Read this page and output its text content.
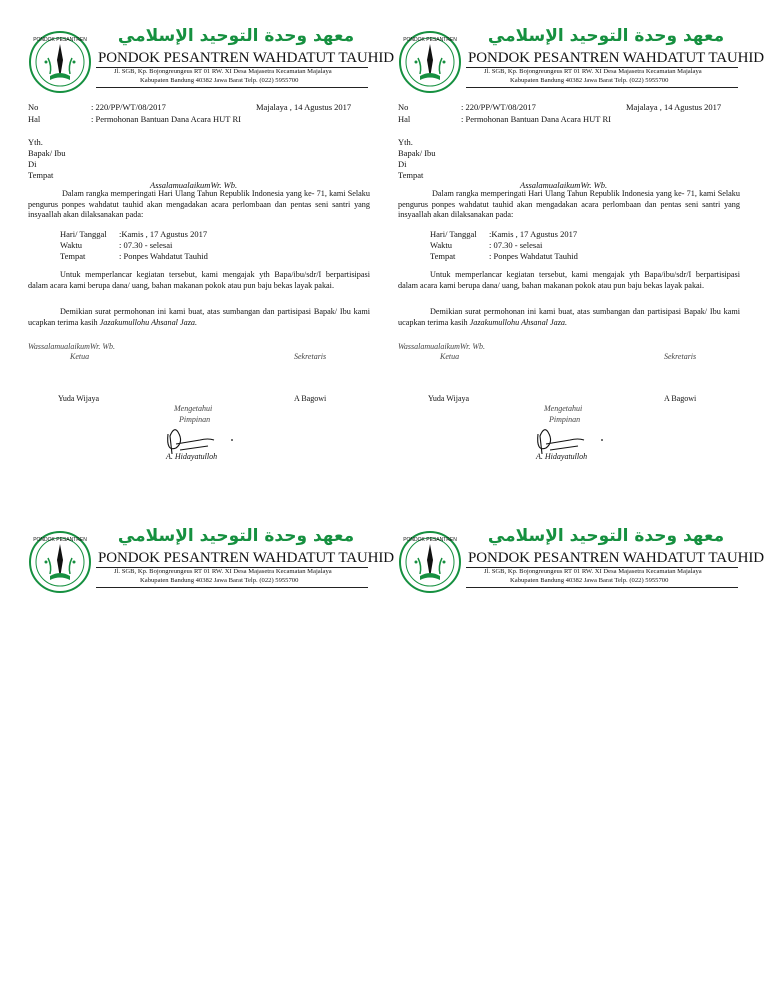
PONDOK PESANTREN معهد وحدة التوحيد الإسلامي
PONDOK PESANTREN WAHDATUT TAUHID
Jl. SGB, Kp. Bojongreungeus RT 01 RW. XI Desa Majasetra Kecamatan Majalaya
Kabupaten Bandung 40382 Jawa Barat Telp. (022) 5955700
No	: 220/PP/WT/08/2017	Majalaya , 14 Agustus 2017
Hal	: Permohonan Bantuan Dana Acara HUT RI
Yth.
Bapak/ Ibu
Di
Tempat
AssalamualaikumWr. Wb.
Dalam rangka memperingati Hari Ulang Tahun Republik Indonesia yang ke- 71, kami Selaku pengurus ponpes wahdatut tauhid akan mengadakan acara perlombaan dan pentas seni santri yang insyaallah akan dilaksanakan pada:
Hari/ Tanggal :Kamis , 17 Agustus 2017
Waktu	: 07.30 - selesai
Tempat	: Ponpes Wahdatut Tauhid
Untuk memperlancar kegiatan tersebut, kami mengajak yth Bapa/ibu/sdr/I berpartisipasi dalam acara kami berupa dana/ uang, bahan makanan pokok atau pun baju bekas layak pakai.
Demikian surat permohonan ini kami buat, atas sumbangan dan partisipasi Bapak/ Ibu kami ucapkan terima kasih Jazakumullohu Ahsanal Jaza.
WassalamualaikumWr. Wb.
Ketua	Sekretaris
Yuda Wijaya	A Bagowi
Mengetahui
Pimpinan
A. Hidayatulloh
PONDOK PESANTREN معهد وحدة التوحيد الإسلامي
PONDOK PESANTREN WAHDATUT TAUHID
Jl. SGB, Kp. Bojongreungeus RT 01 RW. XI Desa Majasetra Kecamatan Majalaya
Kabupaten Bandung 40382 Jawa Barat Telp. (022) 5955700
No	: 220/PP/WT/08/2017	Majalaya , 14 Agustus 2017
Hal	: Permohonan Bantuan Dana Acara HUT RI
Yth.
Bapak/ Ibu
Di
Tempat
AssalamualaikumWr. Wb.
Dalam rangka memperingati Hari Ulang Tahun Republik Indonesia yang ke- 71, kami Selaku pengurus ponpes wahdatut tauhid akan mengadakan acara perlombaan dan pentas seni santri yang insyaallah akan dilaksanakan pada:
Hari/ Tanggal :Kamis , 17 Agustus 2017
Waktu	: 07.30 - selesai
Tempat	: Ponpes Wahdatut Tauhid
Untuk memperlancar kegiatan tersebut, kami mengajak yth Bapa/ibu/sdr/I berpartisipasi dalam acara kami berupa dana/ uang, bahan makanan pokok atau pun baju bekas layak pakai.
Demikian surat permohonan ini kami buat, atas sumbangan dan partisipasi Bapak/ Ibu kami ucapkan terima kasih Jazakumullohu Ahsanal Jaza.
WassalamualaikumWr. Wb.
Ketua	Sekretaris
Yuda Wijaya	A Bagowi
Mengetahui
Pimpinan
A. Hidayatulloh
PONDOK PESANTREN معهد وحدة التوحيد الإسلامي
PONDOK PESANTREN WAHDATUT TAUHID
Jl. SGB, Kp. Bojongreungeus RT 01 RW. XI Desa Majasetra Kecamatan Majalaya
Kabupaten Bandung 40382 Jawa Barat Telp. (022) 5955700
PONDOK PESANTREN معهد وحدة التوحيد الإسلامي
PONDOK PESANTREN WAHDATUT TAUHID
Jl. SGB, Kp. Bojongreungeus RT 01 RW. XI Desa Majasetra Kecamatan Majalaya
Kabupaten Bandung 40382 Jawa Barat Telp. (022) 5955700
